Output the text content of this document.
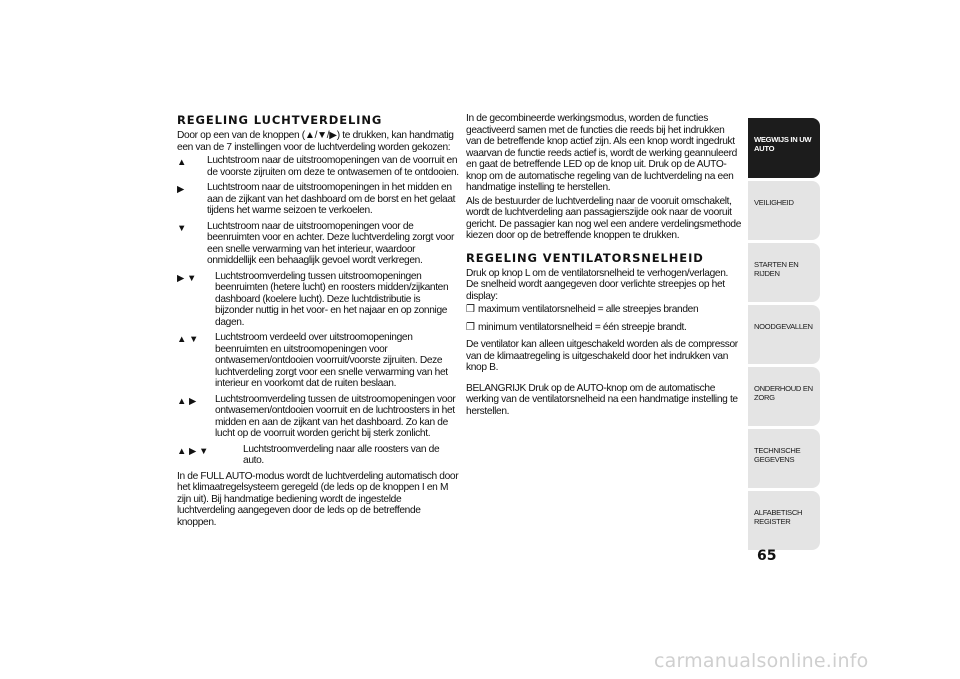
REGELING LUCHTVERDELING

Door op een van de knoppen (▲/▼/▶) te drukken, kan handmatig een van de 7 instellingen voor de luchtverdeling worden gekozen:

▲	Luchtstroom naar de uitstroomopeningen van de voorruit en de voorste zijruiten om deze te ontwasemen of te ontdooien.
▶	Luchtstroom naar de uitstroomopeningen in het midden en aan de zijkant van het dashboard om de borst en het gelaat tijdens het warme seizoen te verkoelen.
▼	Luchtstroom naar de uitstroomopeningen voor de beenruimten voor en achter. Deze luchtverdeling zorgt voor een snelle verwarming van het interieur, waardoor onmiddellijk een behaaglijk gevoel wordt verkregen.
▶ ▼	Luchtstroomverdeling tussen uitstroomopeningen beenruimten (hetere lucht) en roosters midden/zijkanten dashboard (koelere lucht). Deze luchtdistributie is bijzonder nuttig in het voor- en het najaar en op zonnige dagen.
▲ ▼	Luchtstroom verdeeld over uitstroomopeningen beenruimten en uitstroomopeningen voor ontwasemen/ontdooien voorruit/voorste zijruiten. Deze luchtverdeling zorgt voor een snelle verwarming van het interieur en voorkomt dat de ruiten beslaan.
▲ ▶	Luchtstroomverdeling tussen de uitstroomopeningen voor ontwasemen/ontdooien voorruit en de luchtroosters in het midden en aan de zijkant van het dashboard. Zo kan de lucht op de voorruit worden gericht bij sterk zonlicht.
▲ ▶ ▼	Luchtstroomverdeling naar alle roosters van de auto.

In de FULL AUTO-modus wordt de luchtverdeling automatisch door het klimaatregelsysteem geregeld (de leds op de knoppen I en M zijn uit). Bij handmatige bediening wordt de ingestelde luchtverdeling aangegeven door de leds op de betreffende knoppen.

In de gecombineerde werkingsmodus, worden de functies geactiveerd samen met de functies die reeds bij het indrukken van de betreffende knop actief zijn. Als een knop wordt ingedrukt waarvan de functie reeds actief is, wordt de werking geannuleerd en gaat de betreffende LED op de knop uit. Druk op de AUTO-knop om de automatische regeling van de luchtverdeling na een handmatige instelling te herstellen.

Als de bestuurder de luchtverdeling naar de vooruit omschakelt, wordt de luchtverdeling aan passagierszijde ook naar de vooruit gericht. De passagier kan nog wel een andere verdelingsmethode kiezen door op de betreffende knoppen te drukken.

REGELING VENTILATORSNELHEID

Druk op knop L om de ventilatorsnelheid te verhogen/verlagen. De snelheid wordt aangegeven door verlichte streepjes op het display:

❒ maximum ventilatorsnelheid = alle streepjes branden
❒ minimum ventilatorsnelheid = één streepje brandt.

De ventilator kan alleen uitgeschakeld worden als de compressor van de klimaatregeling is uitgeschakeld door het indrukken van knop B.

BELANGRIJK Druk op de AUTO-knop om de automatische werking van de ventilatorsnelheid na een handmatige instelling te herstellen.

WEGWIJS IN UW AUTO
VEILIGHEID
STARTEN EN RIJDEN
NOODGEVALLEN
ONDERHOUD EN ZORG
TECHNISCHE GEGEVENS
ALFABETISCH REGISTER
65
carmanualsonline.info
